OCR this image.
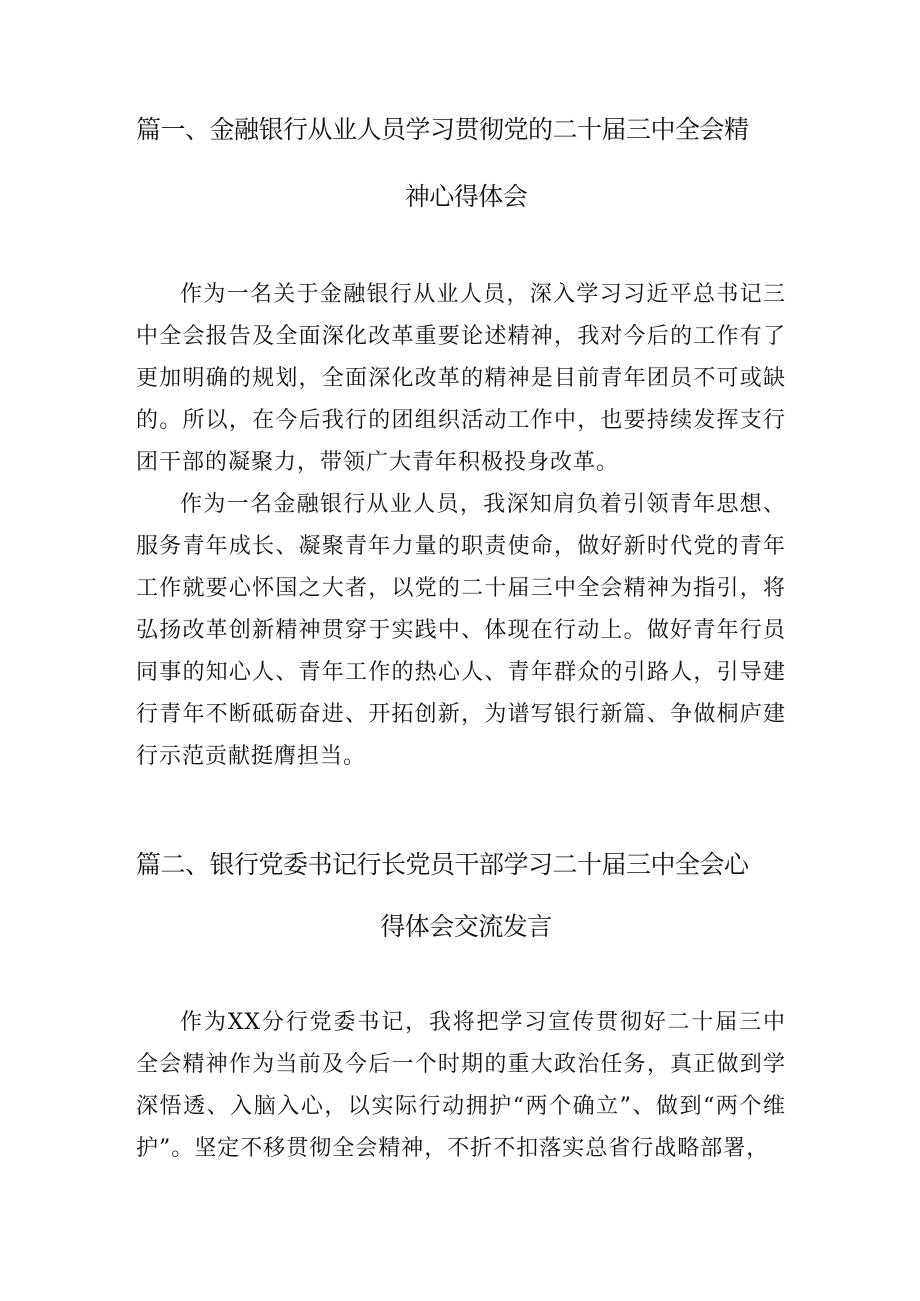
篇一、金融银行从业人员学习贯彻党的二十届三中全会精
神心得体会

作为一名关于金融银行从业人员，深入学习习近平总书记三中全会报告及全面深化改革重要论述精神，我对今后的工作有了更加明确的规划，全面深化改革的精神是目前青年团员不可或缺的。所以，在今后我行的团组织活动工作中，也要持续发挥支行团干部的凝聚力，带领广大青年积极投身改革。

作为一名金融银行从业人员，我深知肩负着引领青年思想、服务青年成长、凝聚青年力量的职责使命，做好新时代党的青年工作就要心怀国之大者，以党的二十届三中全会精神为指引，将弘扬改革创新精神贯穿于实践中、体现在行动上。做好青年行员同事的知心人、青年工作的热心人、青年群众的引路人，引导建行青年不断砥砺奋进、开拓创新，为谱写银行新篇、争做桐庐建行示范贡献挺膺担当。

篇二、银行党委书记行长党员干部学习二十届三中全会心
得体会交流发言

作为XX分行党委书记，我将把学习宣传贯彻好二十届三中全会精神作为当前及今后一个时期的重大政治任务，真正做到学深悟透、入脑入心，以实际行动拥护“两个确立”、做到“两个维护”。坚定不移贯彻全会精神，不折不扣落实总省行战略部署，
